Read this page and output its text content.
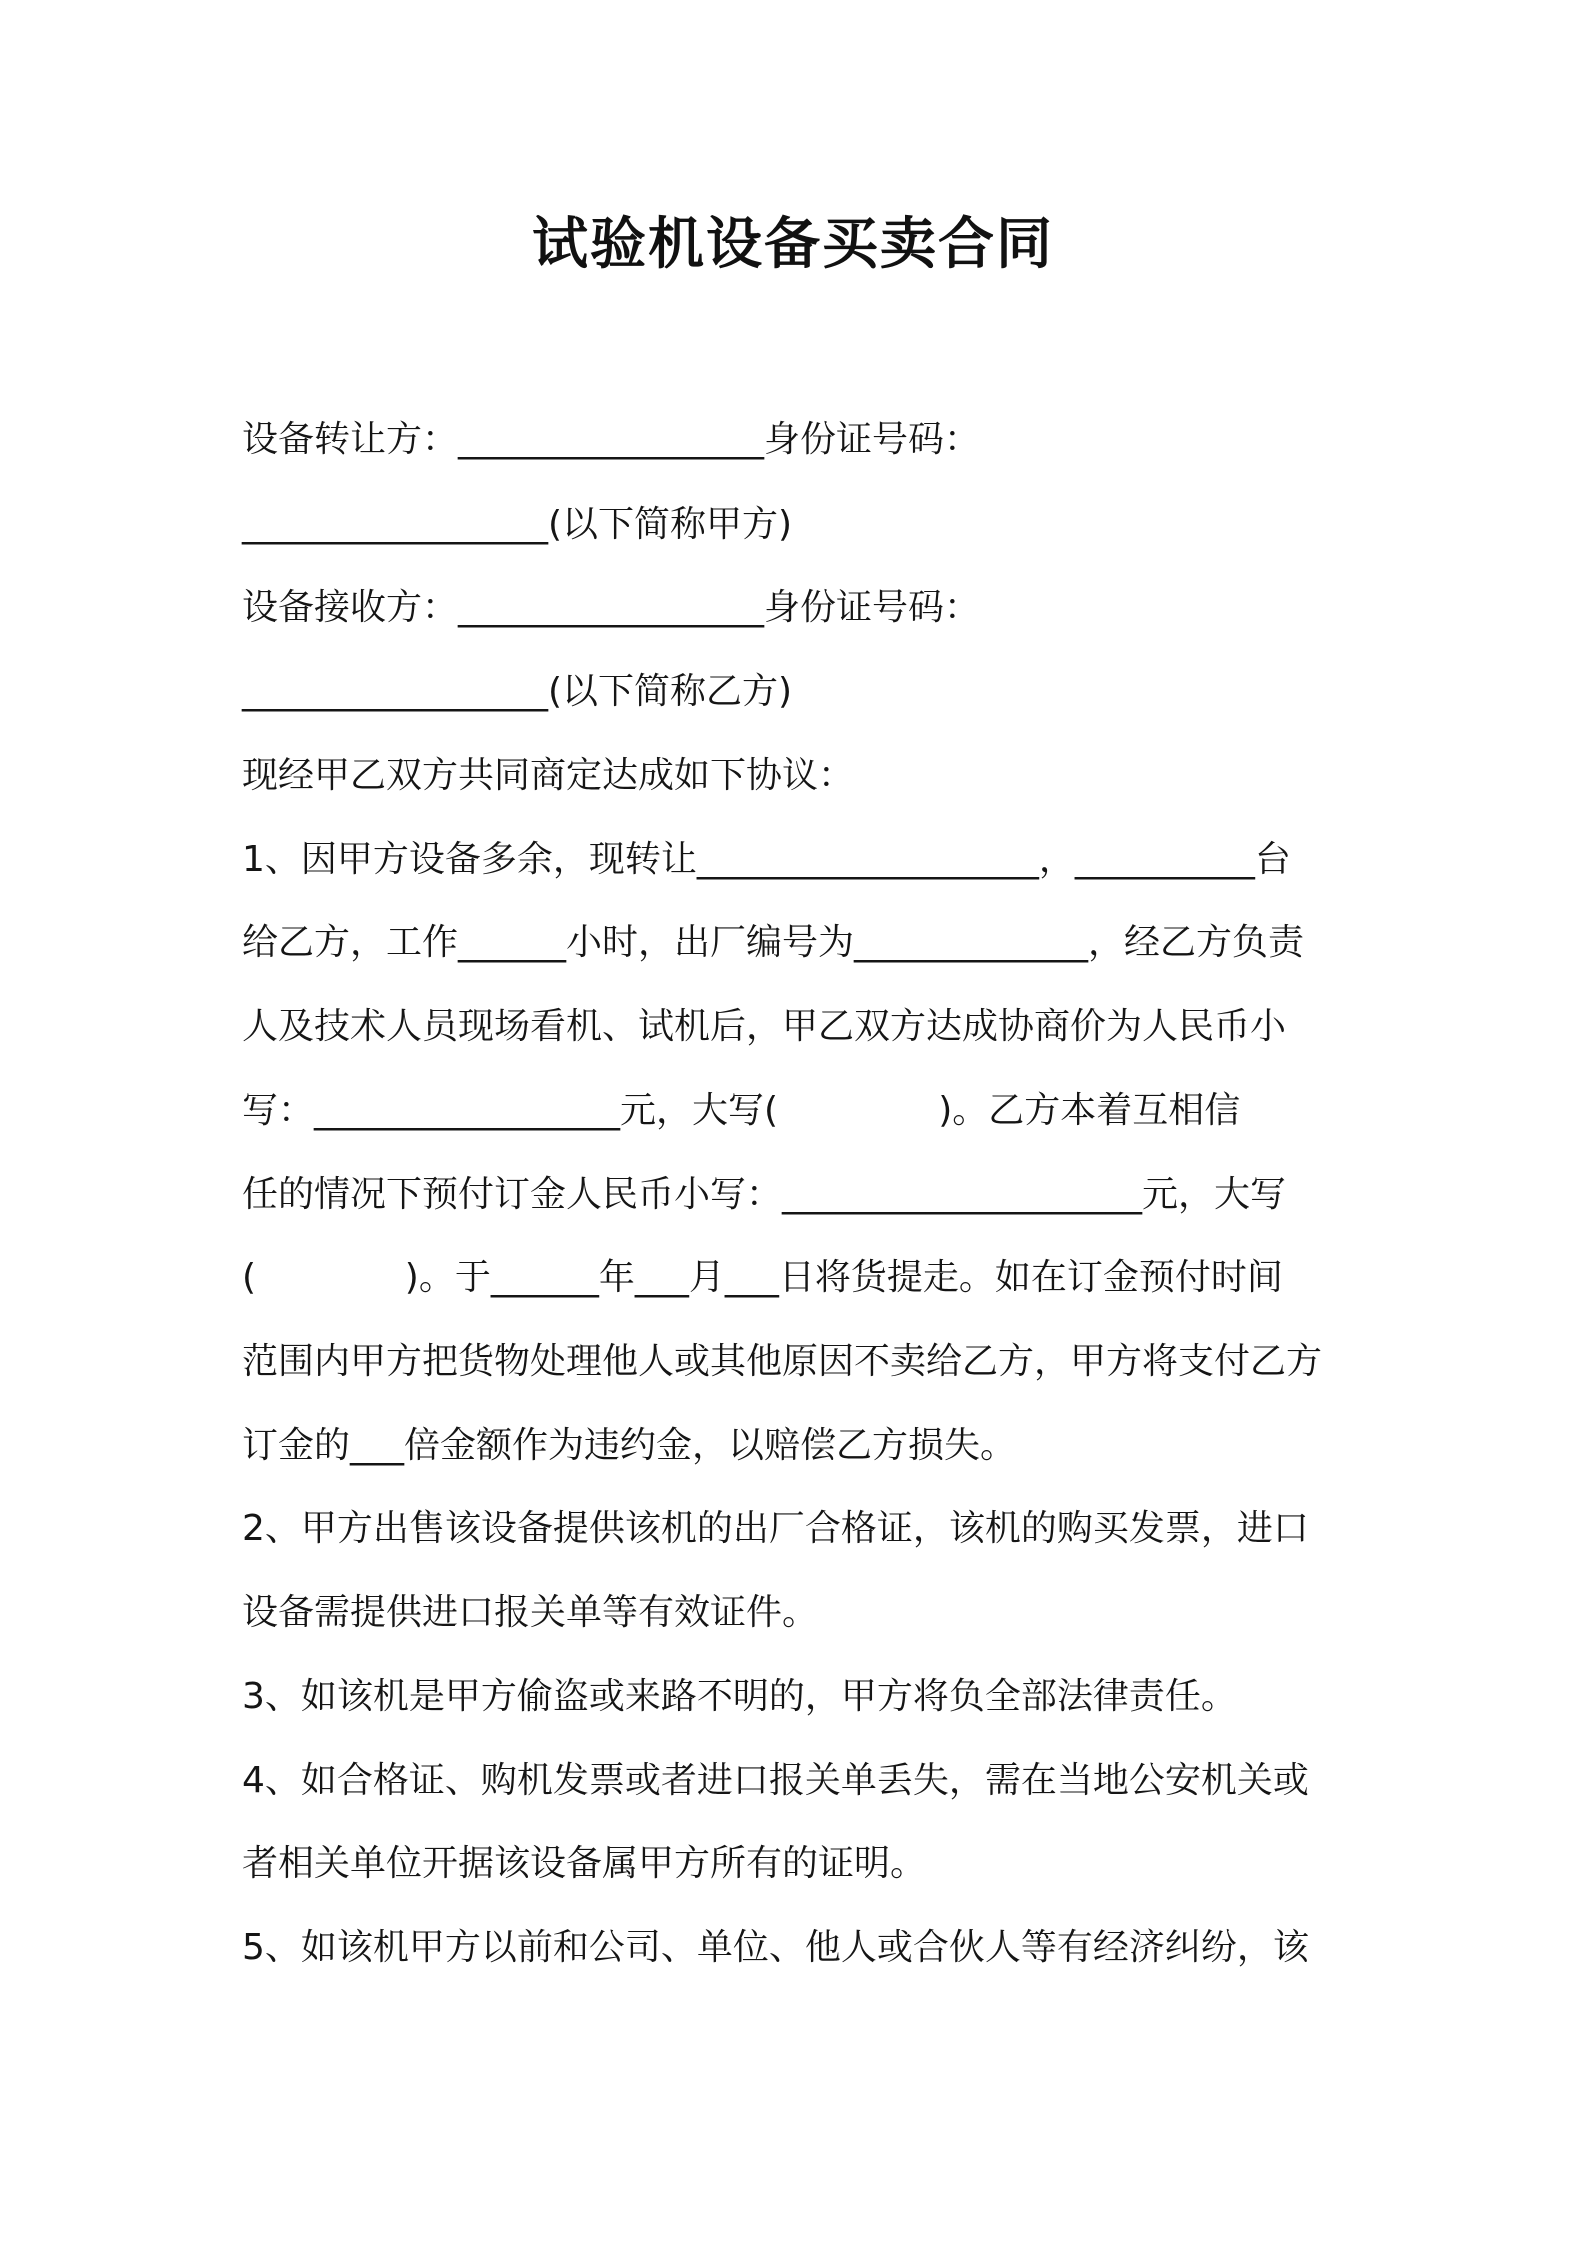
试验机设备买卖合同
设备转让方：_________________身份证号码：
_________________(以下简称甲方)
设备接收方：_________________身份证号码：
_________________(以下简称乙方)
现经甲乙双方共同商定达成如下协议：
1、因甲方设备多余，现转让___________________，__________台
给乙方，工作______小时，出厂编号为_____________，经乙方负责
人及技术人员现场看机、试机后，甲乙双方达成协商价为人民币小
写：_________________元，大写(              )。乙方本着互相信
任的情况下预付订金人民币小写：____________________元，大写
(             )。于______年___月___日将货提走。如在订金预付时间
范围内甲方把货物处理他人或其他原因不卖给乙方，甲方将支付乙方
订金的___倍金额作为违约金，以赔偿乙方损失。
2、甲方出售该设备提供该机的出厂合格证，该机的购买发票，进口
设备需提供进口报关单等有效证件。
3、如该机是甲方偷盗或来路不明的，甲方将负全部法律责任。
4、如合格证、购机发票或者进口报关单丢失，需在当地公安机关或
者相关单位开据该设备属甲方所有的证明。
5、如该机甲方以前和公司、单位、他人或合伙人等有经济纠纷，该
